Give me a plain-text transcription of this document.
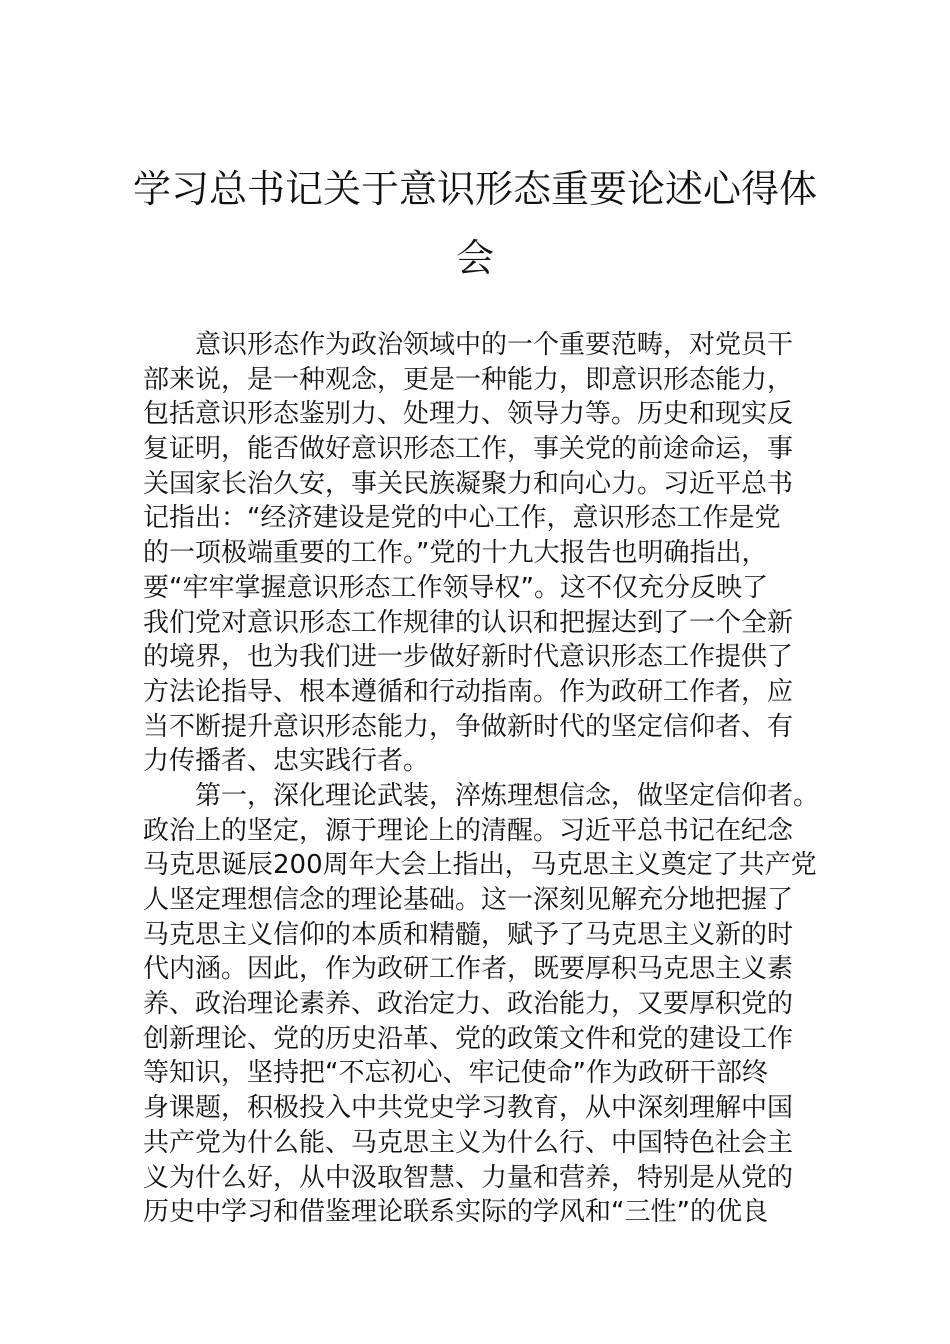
学习总书记关于意识形态重要论述心得体
会
意识形态作为政治领域中的一个重要范畴，对党员干
部来说，是一种观念，更是一种能力，即意识形态能力，
包括意识形态鉴别力、处理力、领导力等。历史和现实反
复证明，能否做好意识形态工作，事关党的前途命运，事
关国家长治久安，事关民族凝聚力和向心力。习近平总书
记指出：“经济建设是党的中心工作，意识形态工作是党
的一项极端重要的工作。”党的十九大报告也明确指出，
要“牢牢掌握意识形态工作领导权”。这不仅充分反映了
我们党对意识形态工作规律的认识和把握达到了一个全新
的境界，也为我们进一步做好新时代意识形态工作提供了
方法论指导、根本遵循和行动指南。作为政研工作者，应
当不断提升意识形态能力，争做新时代的坚定信仰者、有
力传播者、忠实践行者。
第一，深化理论武装，淬炼理想信念，做坚定信仰者。
政治上的坚定，源于理论上的清醒。习近平总书记在纪念
马克思诞辰200周年大会上指出，马克思主义奠定了共产党
人坚定理想信念的理论基础。这一深刻见解充分地把握了
马克思主义信仰的本质和精髓，赋予了马克思主义新的时
代内涵。因此，作为政研工作者，既要厚积马克思主义素
养、政治理论素养、政治定力、政治能力，又要厚积党的
创新理论、党的历史沿革、党的政策文件和党的建设工作
等知识，坚持把“不忘初心、牢记使命”作为政研干部终
身课题，积极投入中共党史学习教育，从中深刻理解中国
共产党为什么能、马克思主义为什么行、中国特色社会主
义为什么好，从中汲取智慧、力量和营养，特别是从党的
历史中学习和借鉴理论联系实际的学风和“三性”的优良
